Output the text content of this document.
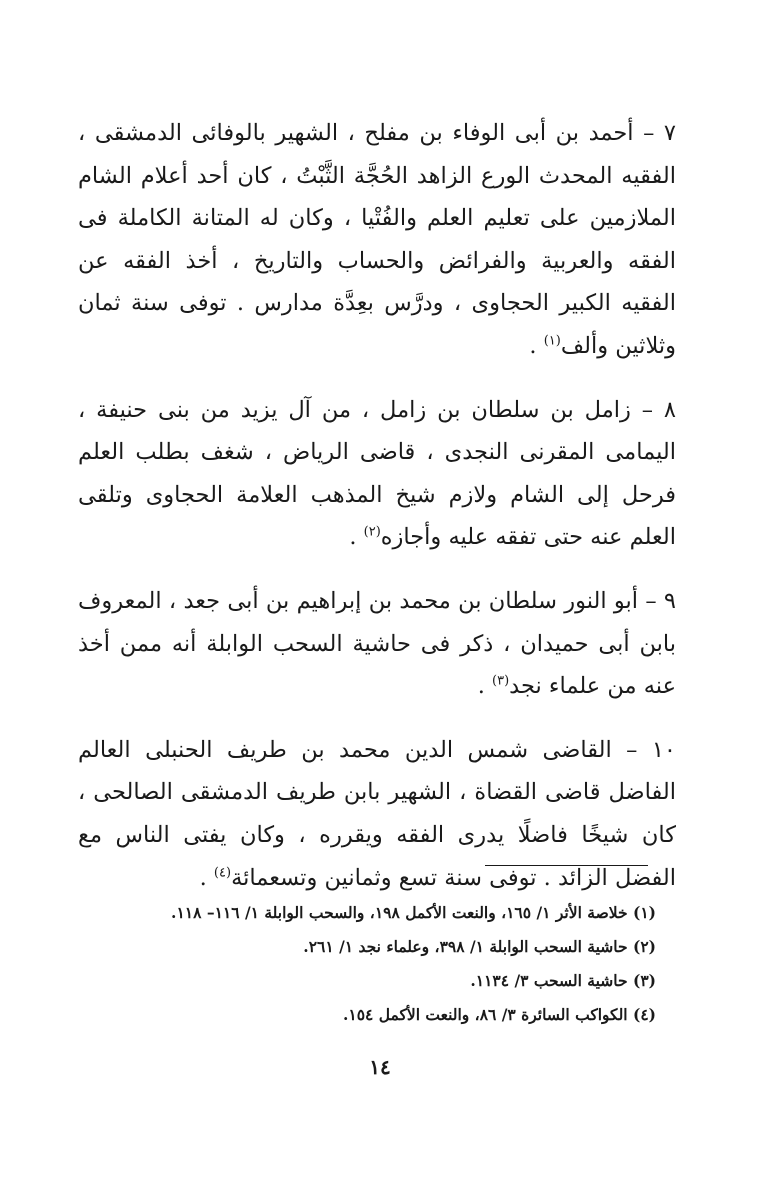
٧ – أحمد بن أبى الوفاء بن مفلح ، الشهير بالوفائى الدمشقى ، الفقيه المحدث الورع الزاهد الحُجَّة الثَّبْتُ ، كان أحد أعلام الشام الملازمين على تعليم العلم والفُتْيا ، وكان له المتانة الكاملة فى الفقه والعربية والفرائض والحساب والتاريخ ، أخذ الفقه عن الفقيه الكبير الحجاوى ، ودرَّس بعِدَّة مدارس . توفى سنة ثمان وثلاثين وألف$^{(١)}$ .

٨ – زامل بن سلطان بن زامل ، من آل يزيد من بنى حنيفة ، اليمامى المقرنى النجدى ، قاضى الرياض ، شغف بطلب العلم فرحل إلى الشام ولازم شيخ المذهب العلامة الحجاوى وتلقى العلم عنه حتى تفقه عليه وأجازه$^{(٢)}$ .

٩ – أبو النور سلطان بن محمد بن إبراهيم بن أبى جعد ، المعروف بابن أبى حميدان ، ذكر فى حاشية السحب الوابلة أنه ممن أخذ عنه من علماء نجد$^{(٣)}$ .

١٠ – القاضى شمس الدين محمد بن طريف الحنبلى العالم الفاضل قاضى القضاة ، الشهير بابن طريف الدمشقى الصالحى ، كان شيخًا فاضلًا يدرى الفقه ويقرره ، وكان يفتى الناس مع الفضل الزائد . توفى سنة تسع وثمانين وتسعمائة$^{(٤)}$ .

(١) خلاصة الأثر ١/ ١٦٥، والنعت الأكمل ١٩٨، والسحب الوابلة ١/ ١١٦– ١١٨.

(٢) حاشية السحب الوابلة ١/ ٣٩٨، وعلماء نجد ١/ ٢٦١.

(٣) حاشية السحب ٣/ ١١٣٤.

(٤) الكواكب السائرة ٣/ ٨٦، والنعت الأكمل ١٥٤.

١٤
